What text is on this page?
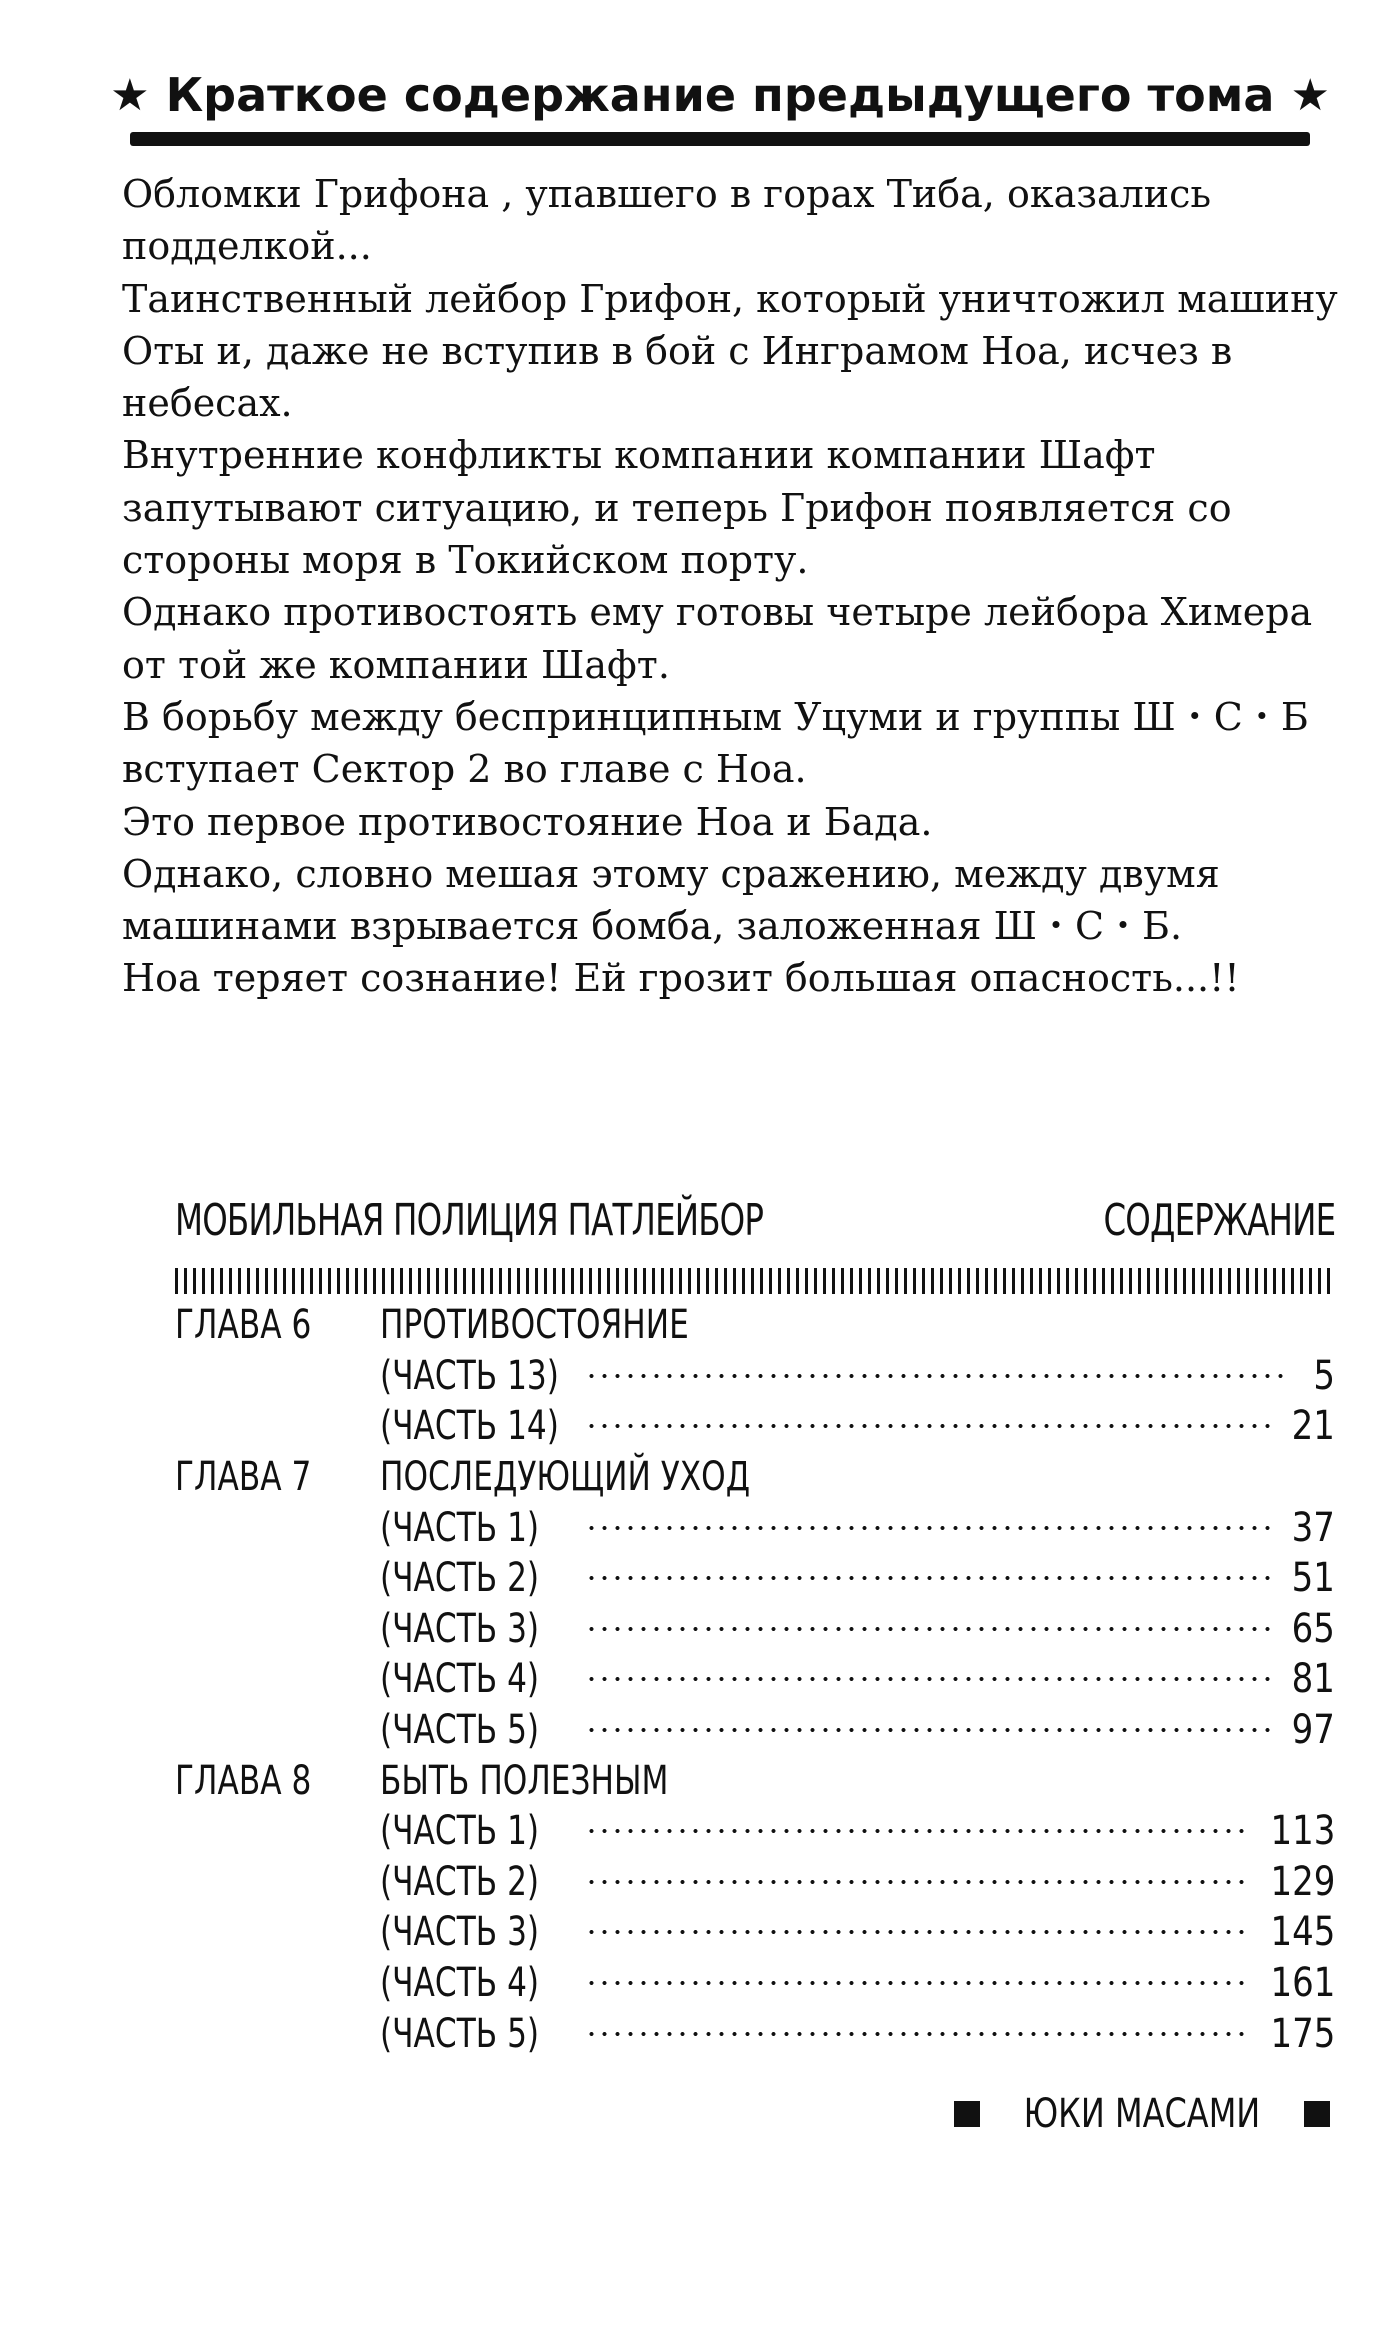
★ Краткое содержание предыдущего тома ★

Обломки Грифона , упавшего в горах Тиба, оказались подделкой...

Таинственный лейбор Грифон, который уничтожил машину Оты и, даже не вступив в бой с Инграмом Ноа, исчез в небесах.

Внутренние конфликты компании компании Шафт запутывают ситуацию, и теперь Грифон появляется со стороны моря в Токийском порту.

Однако противостоять ему готовы четыре лейбора Химера от той же компании Шафт.

В борьбу между беспринципным Уцуми и группы Ш・С・Б вступает Сектор 2 во главе с Ноа.

Это первое противостояние Ноа и Бада.

Однако, словно мешая этому сражению, между двумя машинами взрывается бомба, заложенная Ш・С・Б.

Ноа теряет сознание! Ей грозит большая опасность...!!

МОБИЛЬНАЯ ПОЛИЦИЯ ПАТЛЕЙБОР	СОДЕРЖАНИЕ
ГЛАВА 6	ПРОТИВОСТОЯНИЕ
(ЧАСТЬ 13)	5
(ЧАСТЬ 14)	21
ГЛАВА 7	ПОСЛЕДУЮЩИЙ УХОД
(ЧАСТЬ 1)	37
(ЧАСТЬ 2)	51
(ЧАСТЬ 3)	65
(ЧАСТЬ 4)	81
(ЧАСТЬ 5)	97
ГЛАВА 8	БЫТЬ ПОЛЕЗНЫМ
(ЧАСТЬ 1)	113
(ЧАСТЬ 2)	129
(ЧАСТЬ 3)	145
(ЧАСТЬ 4)	161
(ЧАСТЬ 5)	175
ЮКИ МАСАМИ
